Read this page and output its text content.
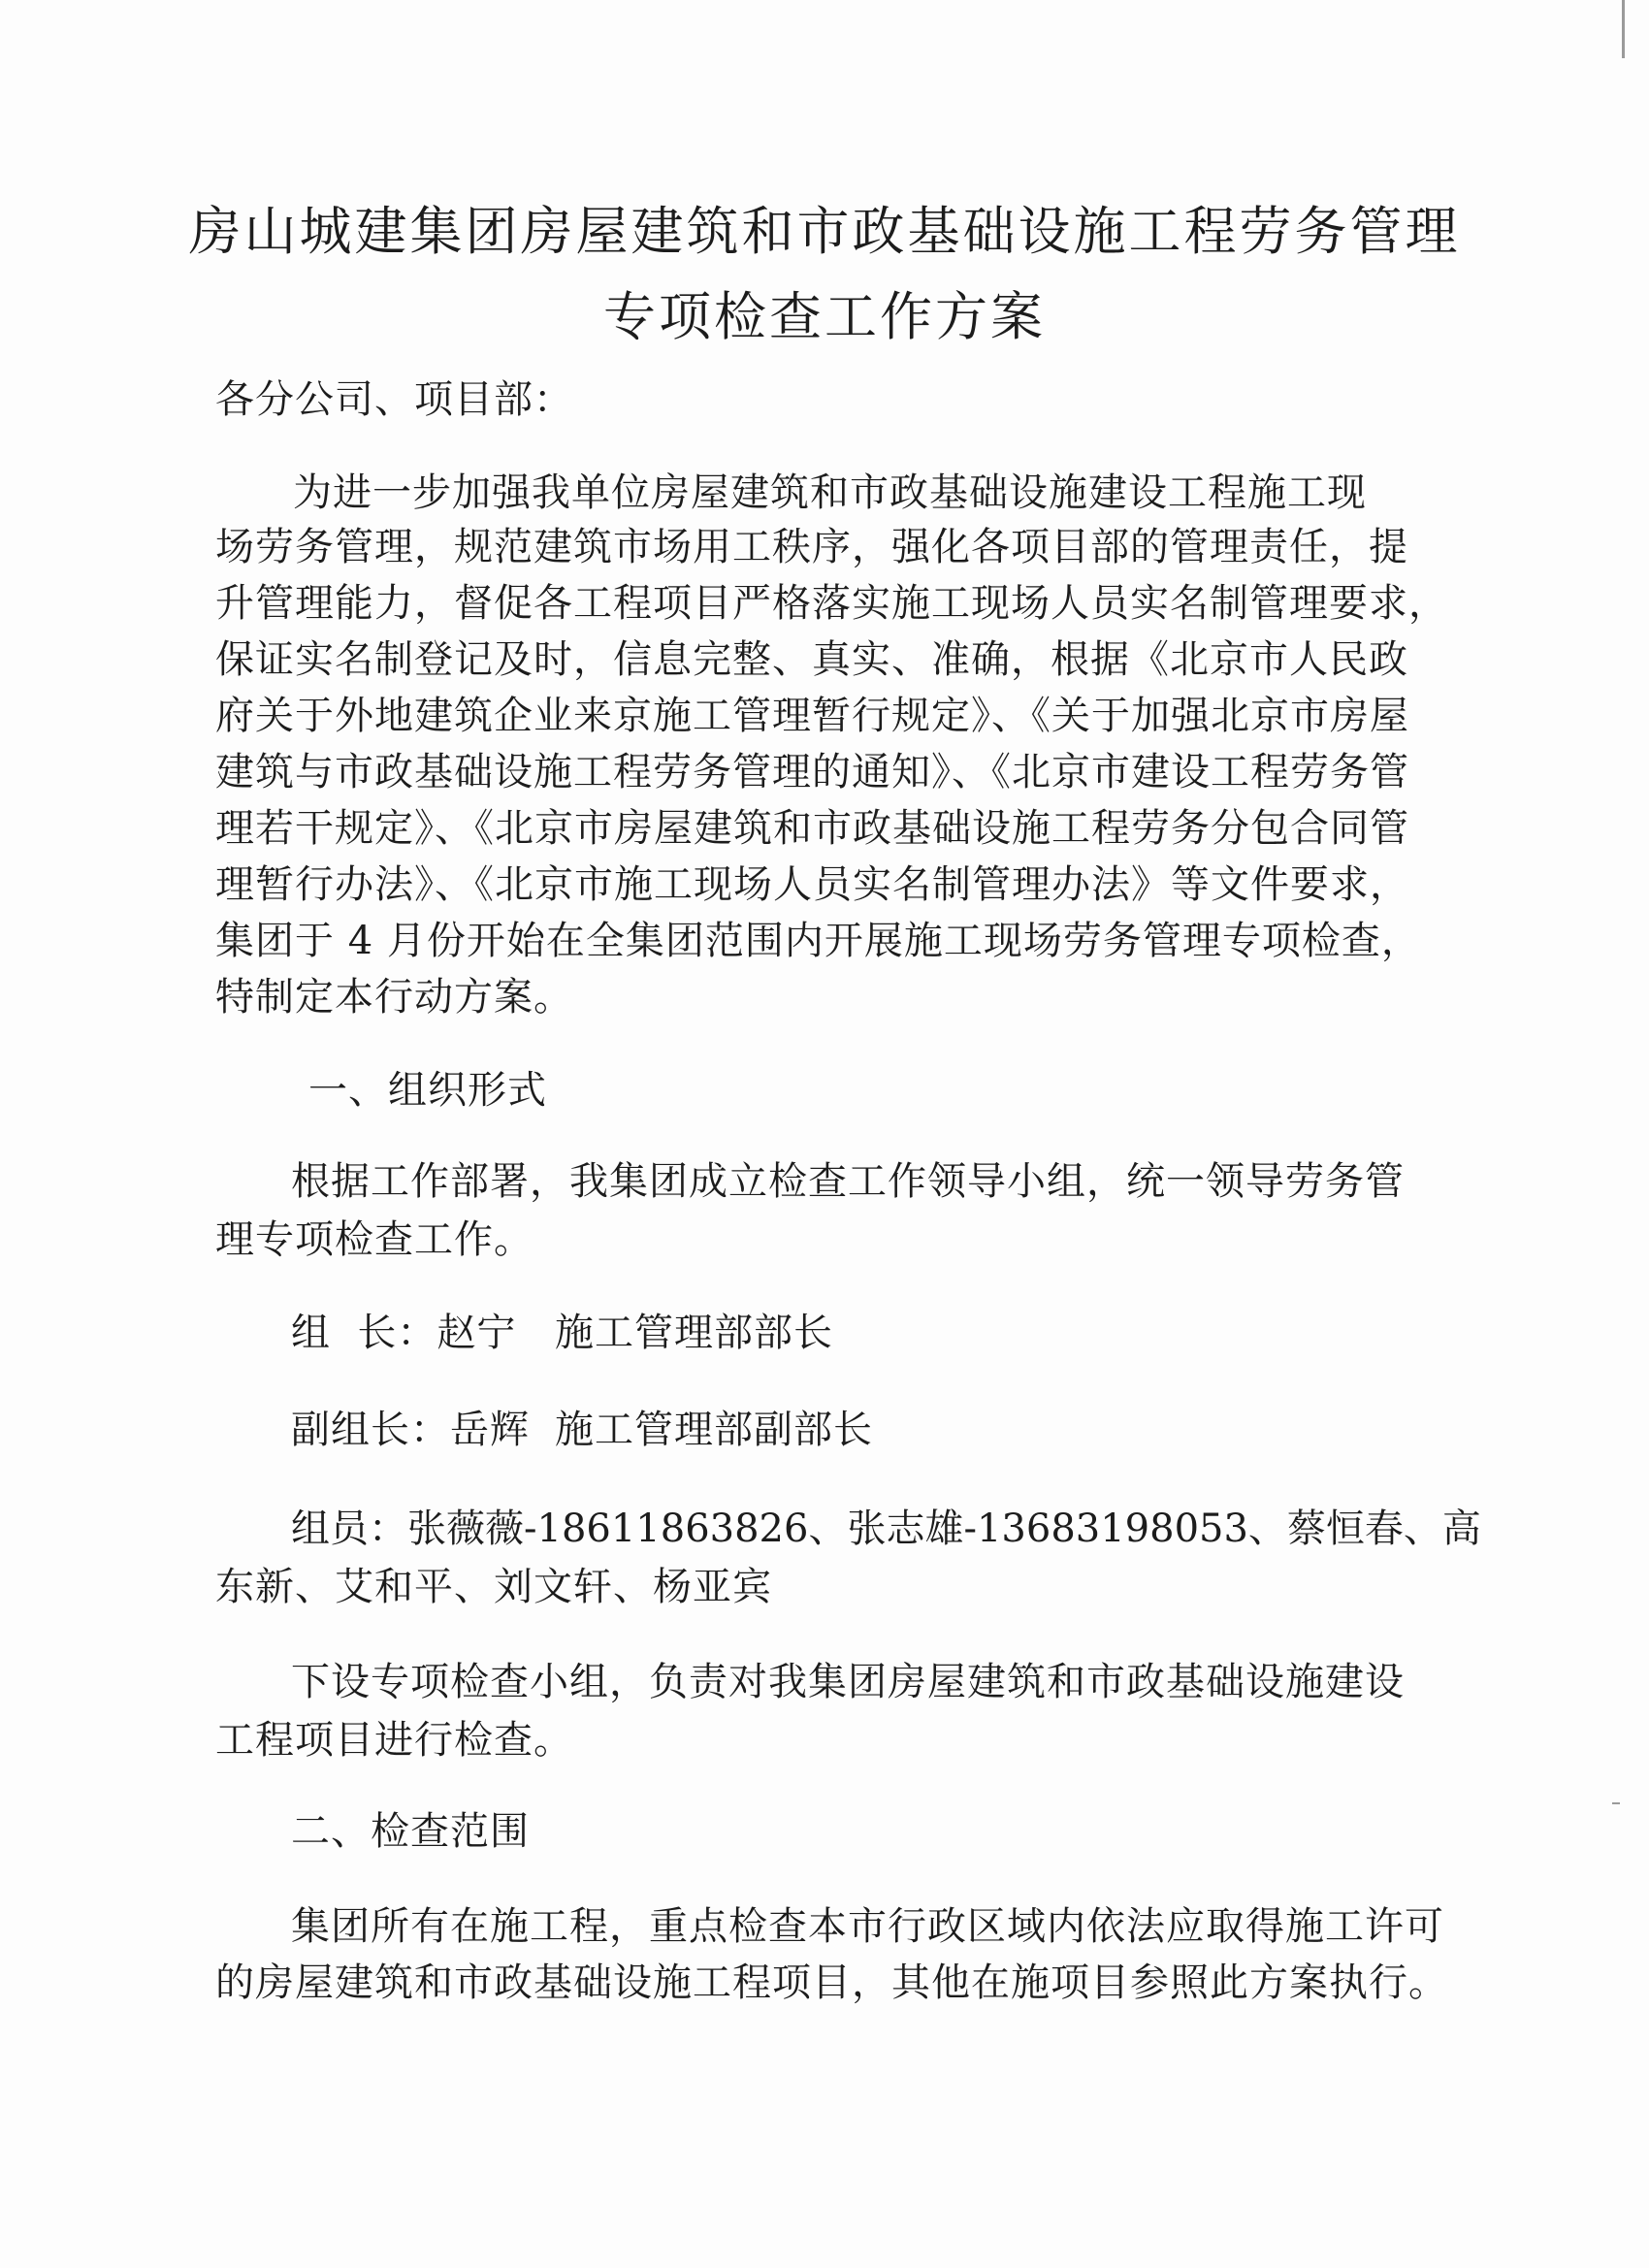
房山城建集团房屋建筑和市政基础设施工程劳务管理
专项检查工作方案
各分公司、项目部：
为进一步加强我单位房屋建筑和市政基础设施建设工程施工现
场劳务管理，规范建筑市场用工秩序，强化各项目部的管理责任，提
升管理能力，督促各工程项目严格落实施工现场人员实名制管理要求，
保证实名制登记及时，信息完整、真实、准确，根据《北京市人民政
府关于外地建筑企业来京施工管理暂行规定》、《关于加强北京市房屋
建筑与市政基础设施工程劳务管理的通知》、《北京市建设工程劳务管
理若干规定》、《北京市房屋建筑和市政基础设施工程劳务分包合同管
理暂行办法》、《北京市施工现场人员实名制管理办法》等文件要求，
集团于 4 月份开始在全集团范围内开展施工现场劳务管理专项检查，
特制定本行动方案。
一、组织形式
根据工作部署，我集团成立检查工作领导小组，统一领导劳务管
理专项检查工作。
组  长：赵宁 施工管理部部长
副组长：岳辉 施工管理部副部长
组员：张薇薇-18611863826、张志雄-13683198053、蔡恒春、高
东新、艾和平、刘文轩、杨亚宾
下设专项检查小组，负责对我集团房屋建筑和市政基础设施建设
工程项目进行检查。
二、检查范围
集团所有在施工程，重点检查本市行政区域内依法应取得施工许可
的房屋建筑和市政基础设施工程项目，其他在施项目参照此方案执行。
